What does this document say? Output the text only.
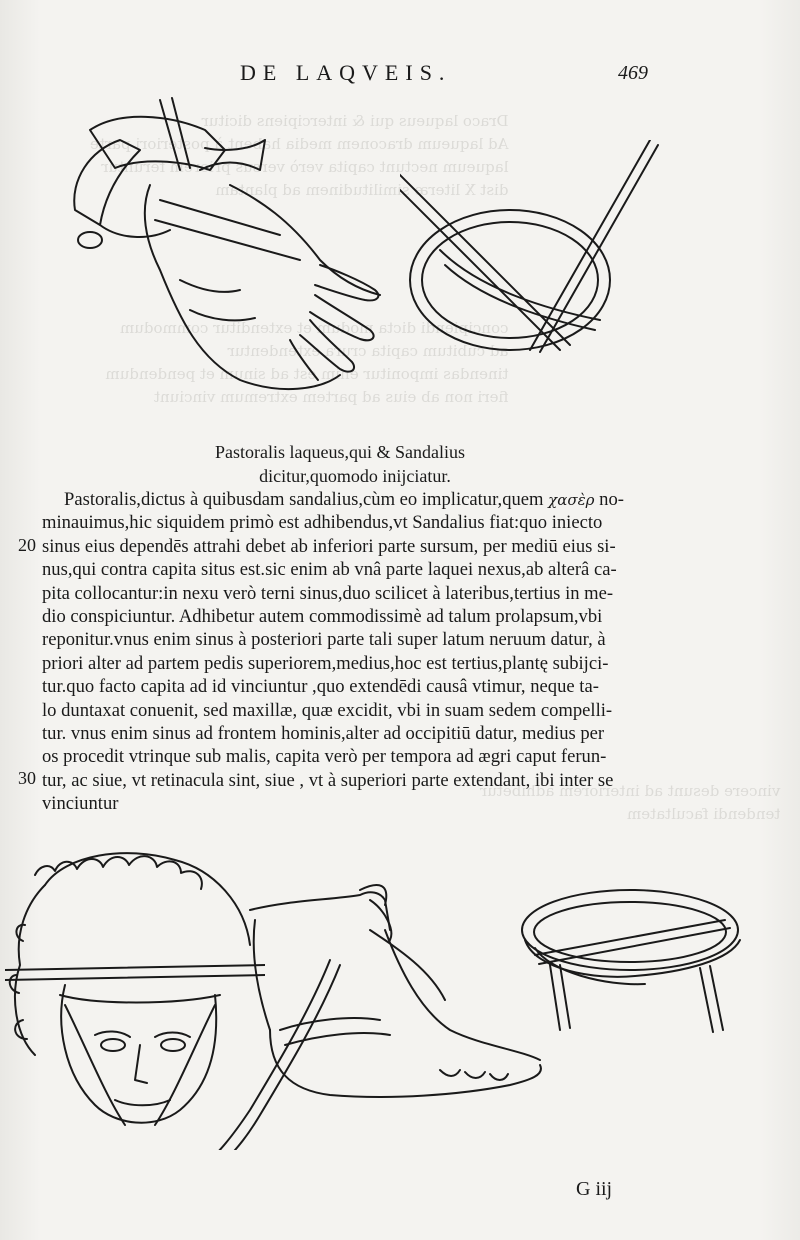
Draco laqueus qui & intercipiens dicitur
Ad laqueum draconem media habent à posteriori parte
laqueum nectunt capita verò versus priorem feruntur
dist X literæ similitudinem ad plantam

concipiendi dicta modum et extenditur commodum
ad cubitum capita crura extendentur
tinendas imponitur enim est ad sinum et pendendum
fieri non ab eius ad partem extremum vinciunt
vincere desunt ad interiorem adhibetur
tendendi facultatem
DE LAQVEIS.	469
Pastoralis laqueus,qui & Sandalius
dicitur,quomodo inijciatur.
Pastoralis,dictus à quibusdam sandalius,cùm eo implicatur,quem χασὲρ no-
minauimus,hic siquidem primò est adhibendus,vt Sandalius fiat:quo iniecto
sinus eius dependēs attrahi debet ab inferiori parte sursum, per mediū eius si-
nus,qui contra capita situs est.sic enim ab vnâ parte laquei nexus,ab alterâ ca-
pita collocantur:in nexu verò terni sinus,duo scilicet à lateribus,tertius in me-
dio conspiciuntur. Adhibetur autem commodissimè ad talum prolapsum,vbi
reponitur.vnus enim sinus à posteriori parte tali super latum neruum datur, à
priori alter ad partem pedis superiorem,medius,hoc est tertius,plantę subijci-
tur.quo facto capita ad id vinciuntur ,quo extendēdi causâ vtimur, neque ta-
lo duntaxat conuenit, sed maxillæ, quæ excidit, vbi in suam sedem compelli-
tur. vnus enim sinus ad frontem hominis,alter ad occipitiū datur, medius per
os procedit vtrinque sub malis, capita verò per tempora ad ægri caput ferun-
tur, ac siue, vt retinacula sint, siue , vt à superiori parte extendant, ibi inter se
vinciuntur
20
30
G iij
